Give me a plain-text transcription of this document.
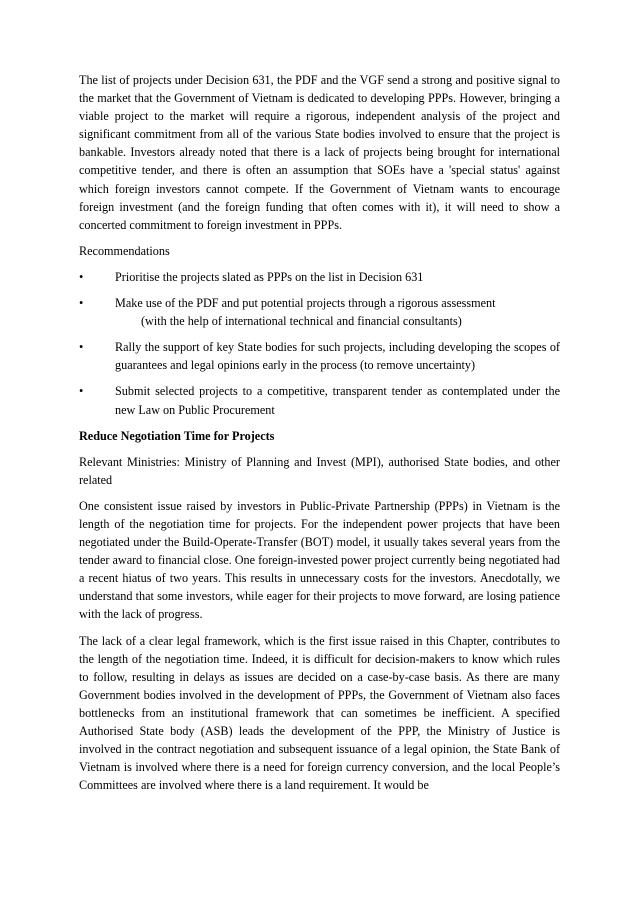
The list of projects under Decision 631, the PDF and the VGF send a strong and positive signal to the market that the Government of Vietnam is dedicated to developing PPPs. However, bringing a viable project to the market will require a rigorous, independent analysis of the project and significant commitment from all of the various State bodies involved to ensure that the project is bankable. Investors already noted that there is a lack of projects being brought for international competitive tender, and there is often an assumption that SOEs have a 'special status' against which foreign investors cannot compete. If the Government of Vietnam wants to encourage foreign investment (and the foreign funding that often comes with it), it will need to show a concerted commitment to foreign investment in PPPs.

Recommendations

•	Prioritise the projects slated as PPPs on the list in Decision 631
•	Make use of the PDF and put potential projects through a rigorous assessment
(with the help of international technical and financial consultants)
•	Rally the support of key State bodies for such projects, including developing the scopes of guarantees and legal opinions early in the process (to remove uncertainty)
•	Submit selected projects to a competitive, transparent tender as contemplated under the new Law on Public Procurement

Reduce Negotiation Time for Projects

Relevant Ministries: Ministry of Planning and Invest (MPI), authorised State bodies, and other related

One consistent issue raised by investors in Public-Private Partnership (PPPs) in Vietnam is the length of the negotiation time for projects. For the independent power projects that have been negotiated under the Build-Operate-Transfer (BOT) model, it usually takes several years from the tender award to financial close. One foreign-invested power project currently being negotiated had a recent hiatus of two years. This results in unnecessary costs for the investors. Anecdotally, we understand that some investors, while eager for their projects to move forward, are losing patience with the lack of progress.

The lack of a clear legal framework, which is the first issue raised in this Chapter, contributes to the length of the negotiation time. Indeed, it is difficult for decision-makers to know which rules to follow, resulting in delays as issues are decided on a case-by-case basis. As there are many Government bodies involved in the development of PPPs, the Government of Vietnam also faces bottlenecks from an institutional framework that can sometimes be inefficient. A specified Authorised State body (ASB) leads the development of the PPP, the Ministry of Justice is involved in the contract negotiation and subsequent issuance of a legal opinion, the State Bank of Vietnam is involved where there is a need for foreign currency conversion, and the local People’s Committees are involved where there is a land requirement. It would be
